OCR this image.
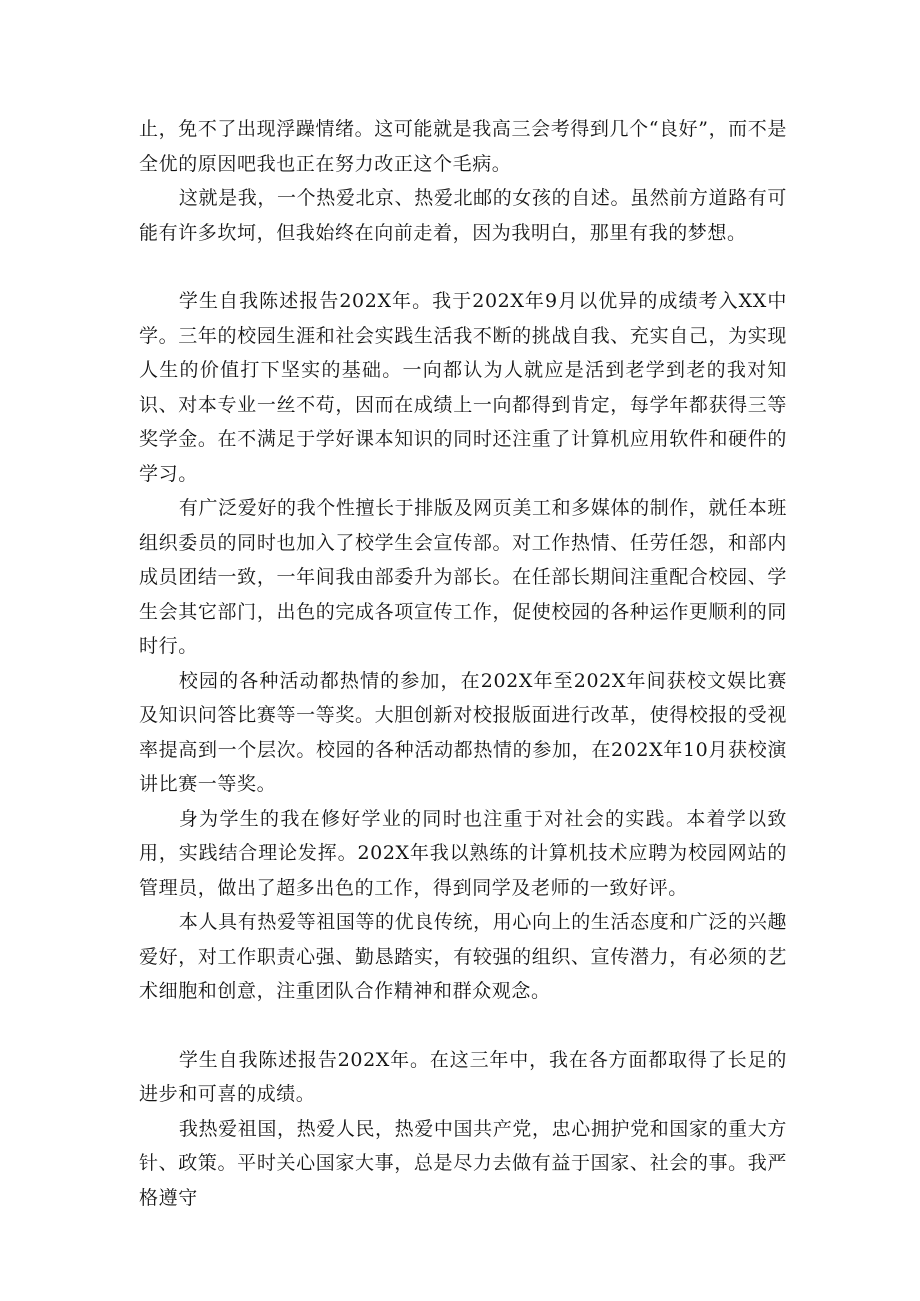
止，免不了出现浮躁情绪。这可能就是我高三会考得到几个“良好”，而不是全优的原因吧我也正在努力改正这个毛病。

这就是我，一个热爱北京、热爱北邮的女孩的自述。虽然前方道路有可能有许多坎坷，但我始终在向前走着，因为我明白，那里有我的梦想。

学生自我陈述报告202X年。我于202X年9月以优异的成绩考入XX中学。三年的校园生涯和社会实践生活我不断的挑战自我、充实自己，为实现人生的价值打下坚实的基础。一向都认为人就应是活到老学到老的我对知识、对本专业一丝不苟，因而在成绩上一向都得到肯定，每学年都获得三等奖学金。在不满足于学好课本知识的同时还注重了计算机应用软件和硬件的学习。

有广泛爱好的我个性擅长于排版及网页美工和多媒体的制作，就任本班组织委员的同时也加入了校学生会宣传部。对工作热情、任劳任怨，和部内成员团结一致，一年间我由部委升为部长。在任部长期间注重配合校园、学生会其它部门，出色的完成各项宣传工作，促使校园的各种运作更顺利的同时行。

校园的各种活动都热情的参加，在202X年至202X年间获校文娱比赛及知识问答比赛等一等奖。大胆创新对校报版面进行改革，使得校报的受视率提高到一个层次。校园的各种活动都热情的参加，在202X年10月获校演讲比赛一等奖。

身为学生的我在修好学业的同时也注重于对社会的实践。本着学以致用，实践结合理论发挥。202X年我以熟练的计算机技术应聘为校园网站的管理员，做出了超多出色的工作，得到同学及老师的一致好评。

本人具有热爱等祖国等的优良传统，用心向上的生活态度和广泛的兴趣爱好，对工作职责心强、勤恳踏实，有较强的组织、宣传潜力，有必须的艺术细胞和创意，注重团队合作精神和群众观念。

学生自我陈述报告202X年。在这三年中，我在各方面都取得了长足的进步和可喜的成绩。

我热爱祖国，热爱人民，热爱中国共产党，忠心拥护党和国家的重大方针、政策。平时关心国家大事，总是尽力去做有益于国家、社会的事。我严格遵守
